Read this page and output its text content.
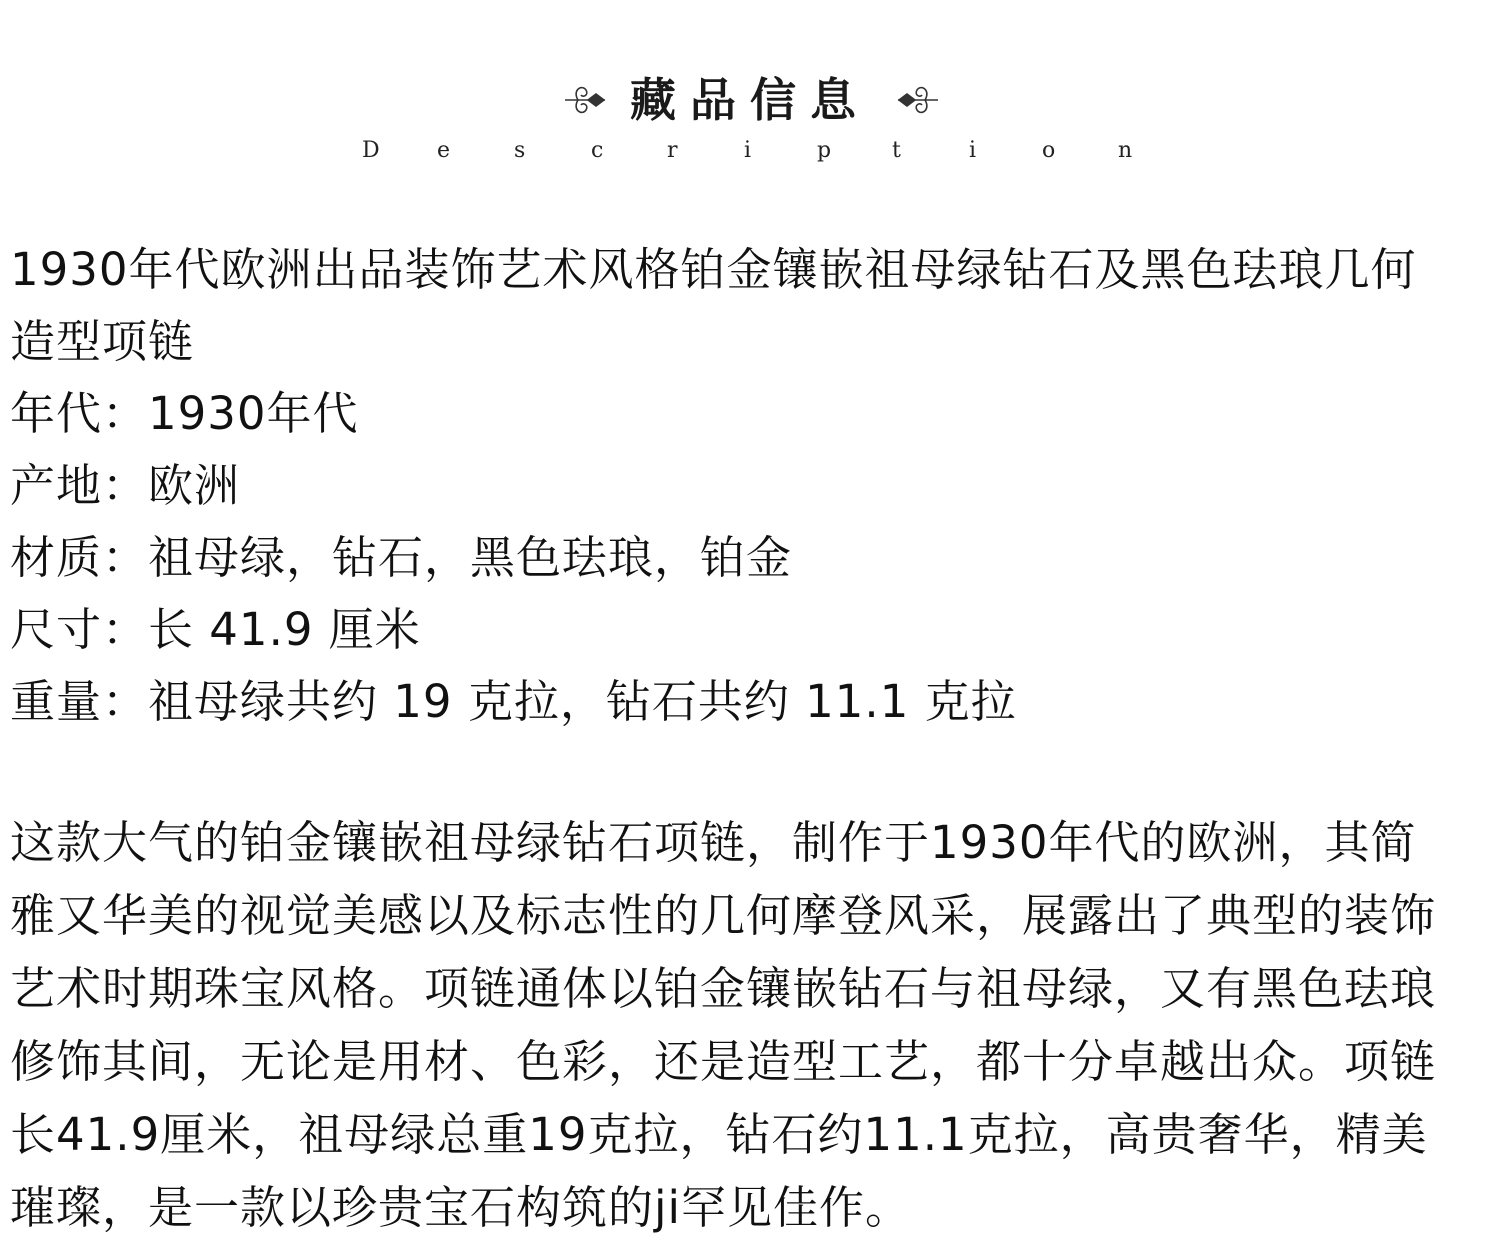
藏品信息
D	e	s	c	r	i	p	t	i	o	n
1930年代欧洲出品装饰艺术风格铂金镶嵌祖母绿钻石及黑色珐琅几何造型项链
年代：1930年代
产地：欧洲
材质：祖母绿，钻石，黑色珐琅，铂金
尺寸：长 41.9 厘米
重量：祖母绿共约 19 克拉，钻石共约 11.1 克拉
这款大气的铂金镶嵌祖母绿钻石项链，制作于1930年代的欧洲，其简雅又华美的视觉美感以及标志性的几何摩登风采，展露出了典型的装饰艺术时期珠宝风格。项链通体以铂金镶嵌钻石与祖母绿，又有黑色珐琅修饰其间，无论是用材、色彩，还是造型工艺，都十分卓越出众。项链长41.9厘米，祖母绿总重19克拉，钻石约11.1克拉，高贵奢华，精美璀璨，是一款以珍贵宝石构筑的ji罕见佳作。
